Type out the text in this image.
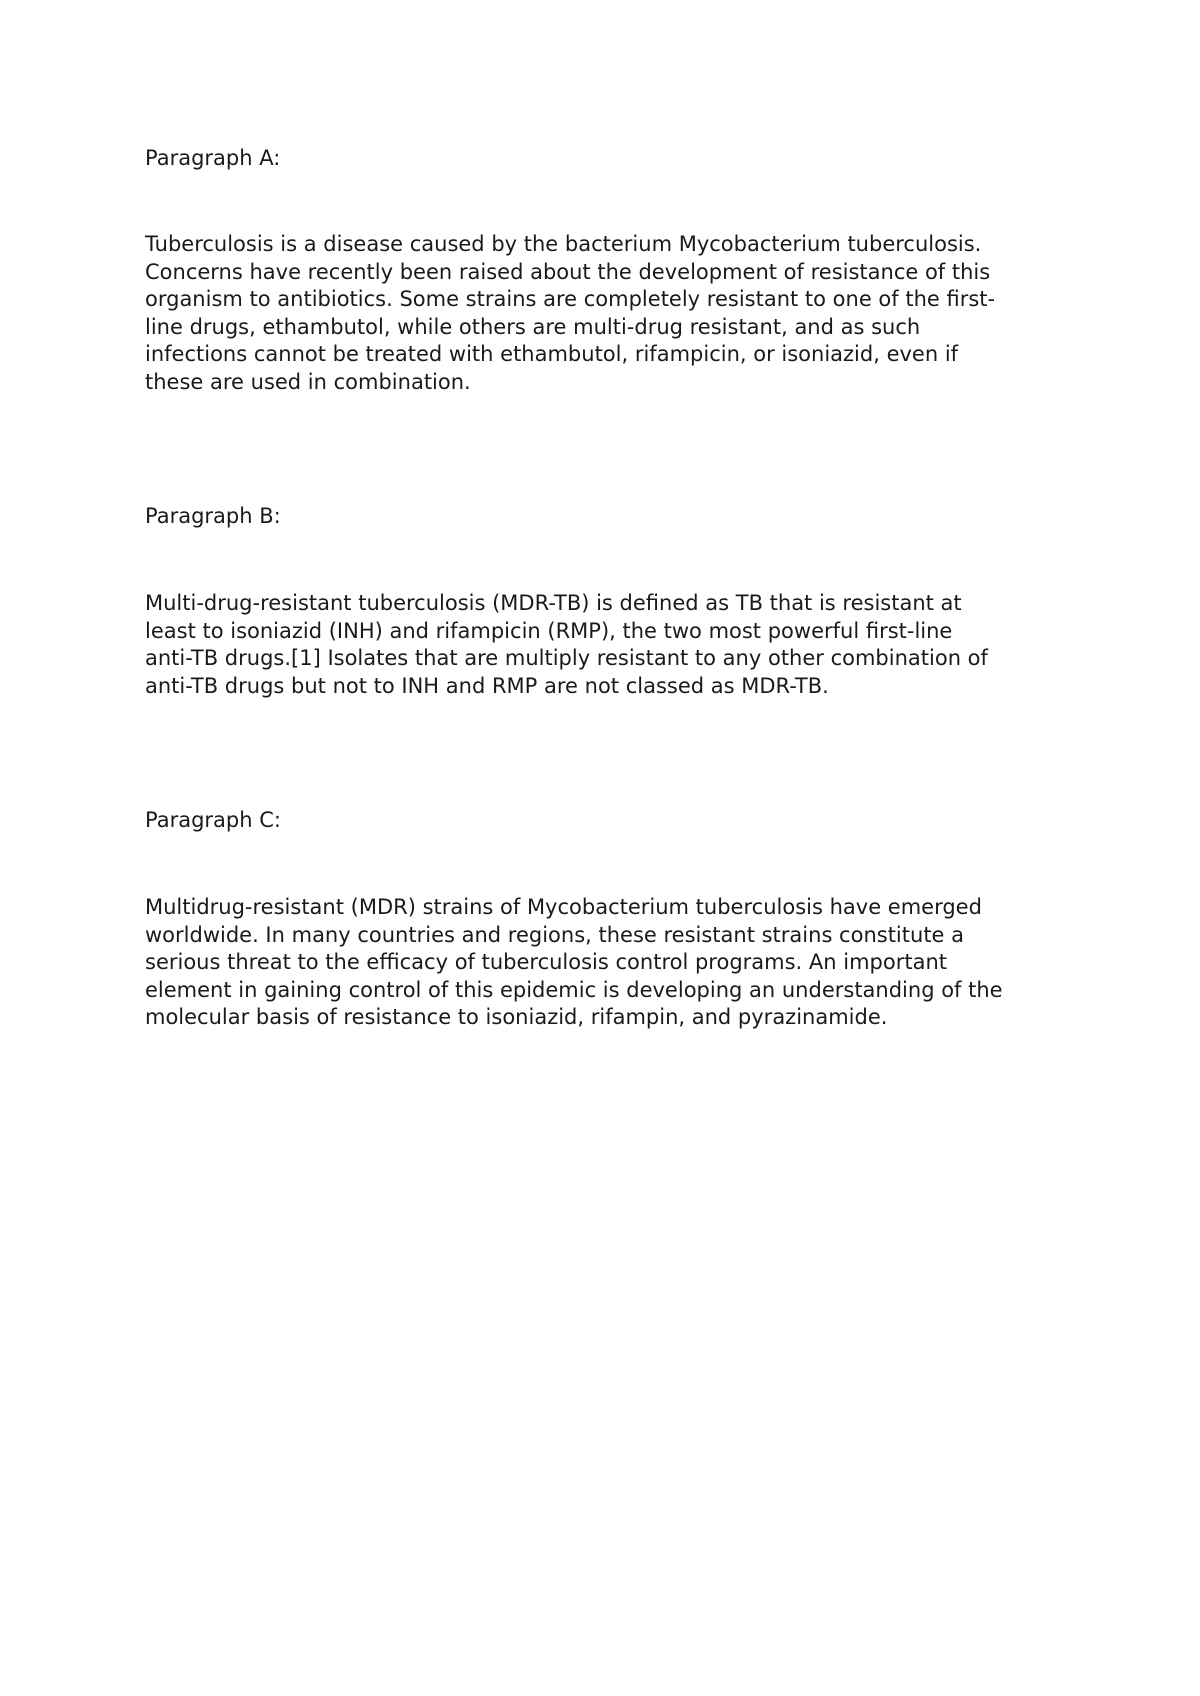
Paragraph A:

Tuberculosis is a disease caused by the bacterium Mycobacterium tuberculosis.
Concerns have recently been raised about the development of resistance of this
organism to antibiotics. Some strains are completely resistant to one of the first-
line drugs, ethambutol, while others are multi-drug resistant, and as such
infections cannot be treated with ethambutol, rifampicin, or isoniazid, even if
these are used in combination.

Paragraph B:

Multi-drug-resistant tuberculosis (MDR-TB) is defined as TB that is resistant at
least to isoniazid (INH) and rifampicin (RMP), the two most powerful first-line
anti-TB drugs.[1] Isolates that are multiply resistant to any other combination of
anti-TB drugs but not to INH and RMP are not classed as MDR-TB.

Paragraph C:

Multidrug-resistant (MDR) strains of Mycobacterium tuberculosis have emerged
worldwide. In many countries and regions, these resistant strains constitute a
serious threat to the efficacy of tuberculosis control programs. An important
element in gaining control of this epidemic is developing an understanding of the
molecular basis of resistance to isoniazid, rifampin, and pyrazinamide.
